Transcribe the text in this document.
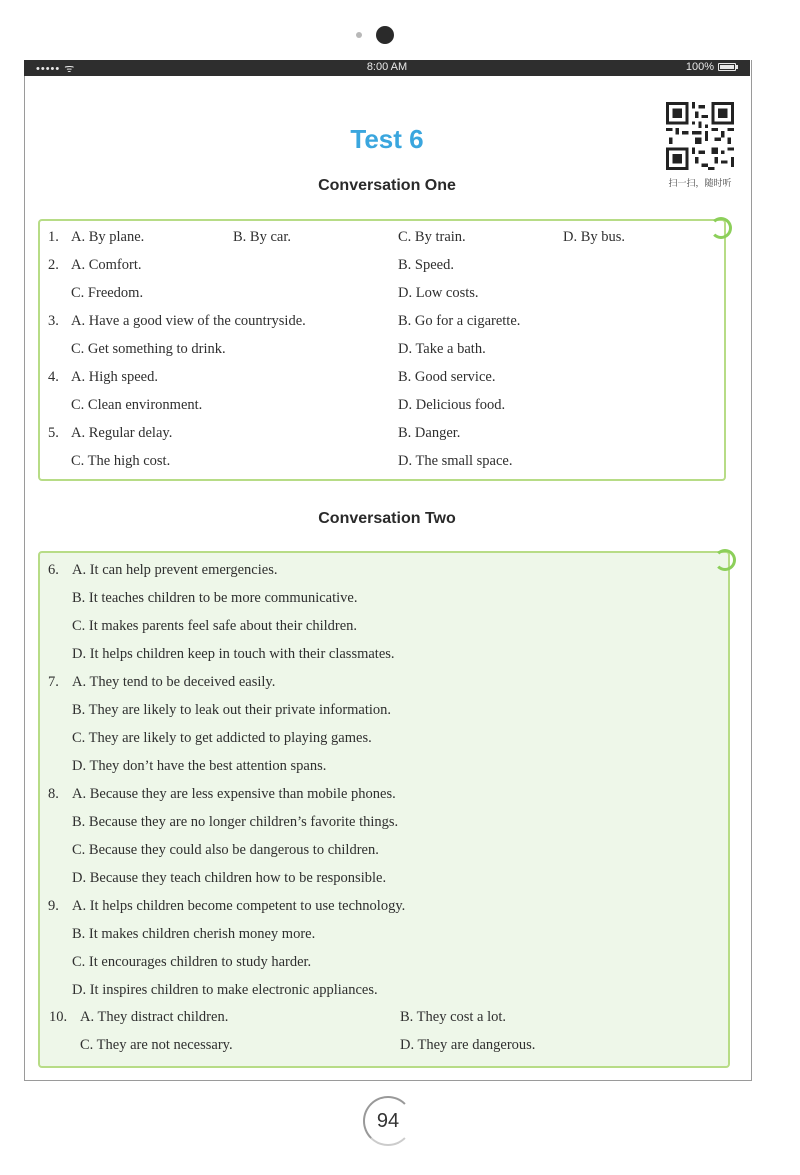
••••• ᯤ	8:00 AM	100%
Test 6
扫一扫，随时听
Conversation One
1. A. By plane.	B. By car.	C. By train.	D. By bus.
2. A. Comfort.	B. Speed.
C. Freedom.	D. Low costs.
3. A. Have a good view of the countryside.	B. Go for a cigarette.
C. Get something to drink.	D. Take a bath.
4. A. High speed.	B. Good service.
C. Clean environment.	D. Delicious food.
5. A. Regular delay.	B. Danger.
C. The high cost.	D. The small space.
Conversation Two
6. A. It can help prevent emergencies.
B. It teaches children to be more communicative.
C. It makes parents feel safe about their children.
D. It helps children keep in touch with their classmates.
7. A. They tend to be deceived easily.
B. They are likely to leak out their private information.
C. They are likely to get addicted to playing games.
D. They don’t have the best attention spans.
8. A. Because they are less expensive than mobile phones.
B. Because they are no longer children’s favorite things.
C. Because they could also be dangerous to children.
D. Because they teach children how to be responsible.
9. A. It helps children become competent to use technology.
B. It makes children cherish money more.
C. It encourages children to study harder.
D. It inspires children to make electronic appliances.
10. A. They distract children.	B. They cost a lot.
C. They are not necessary.	D. They are dangerous.
94
